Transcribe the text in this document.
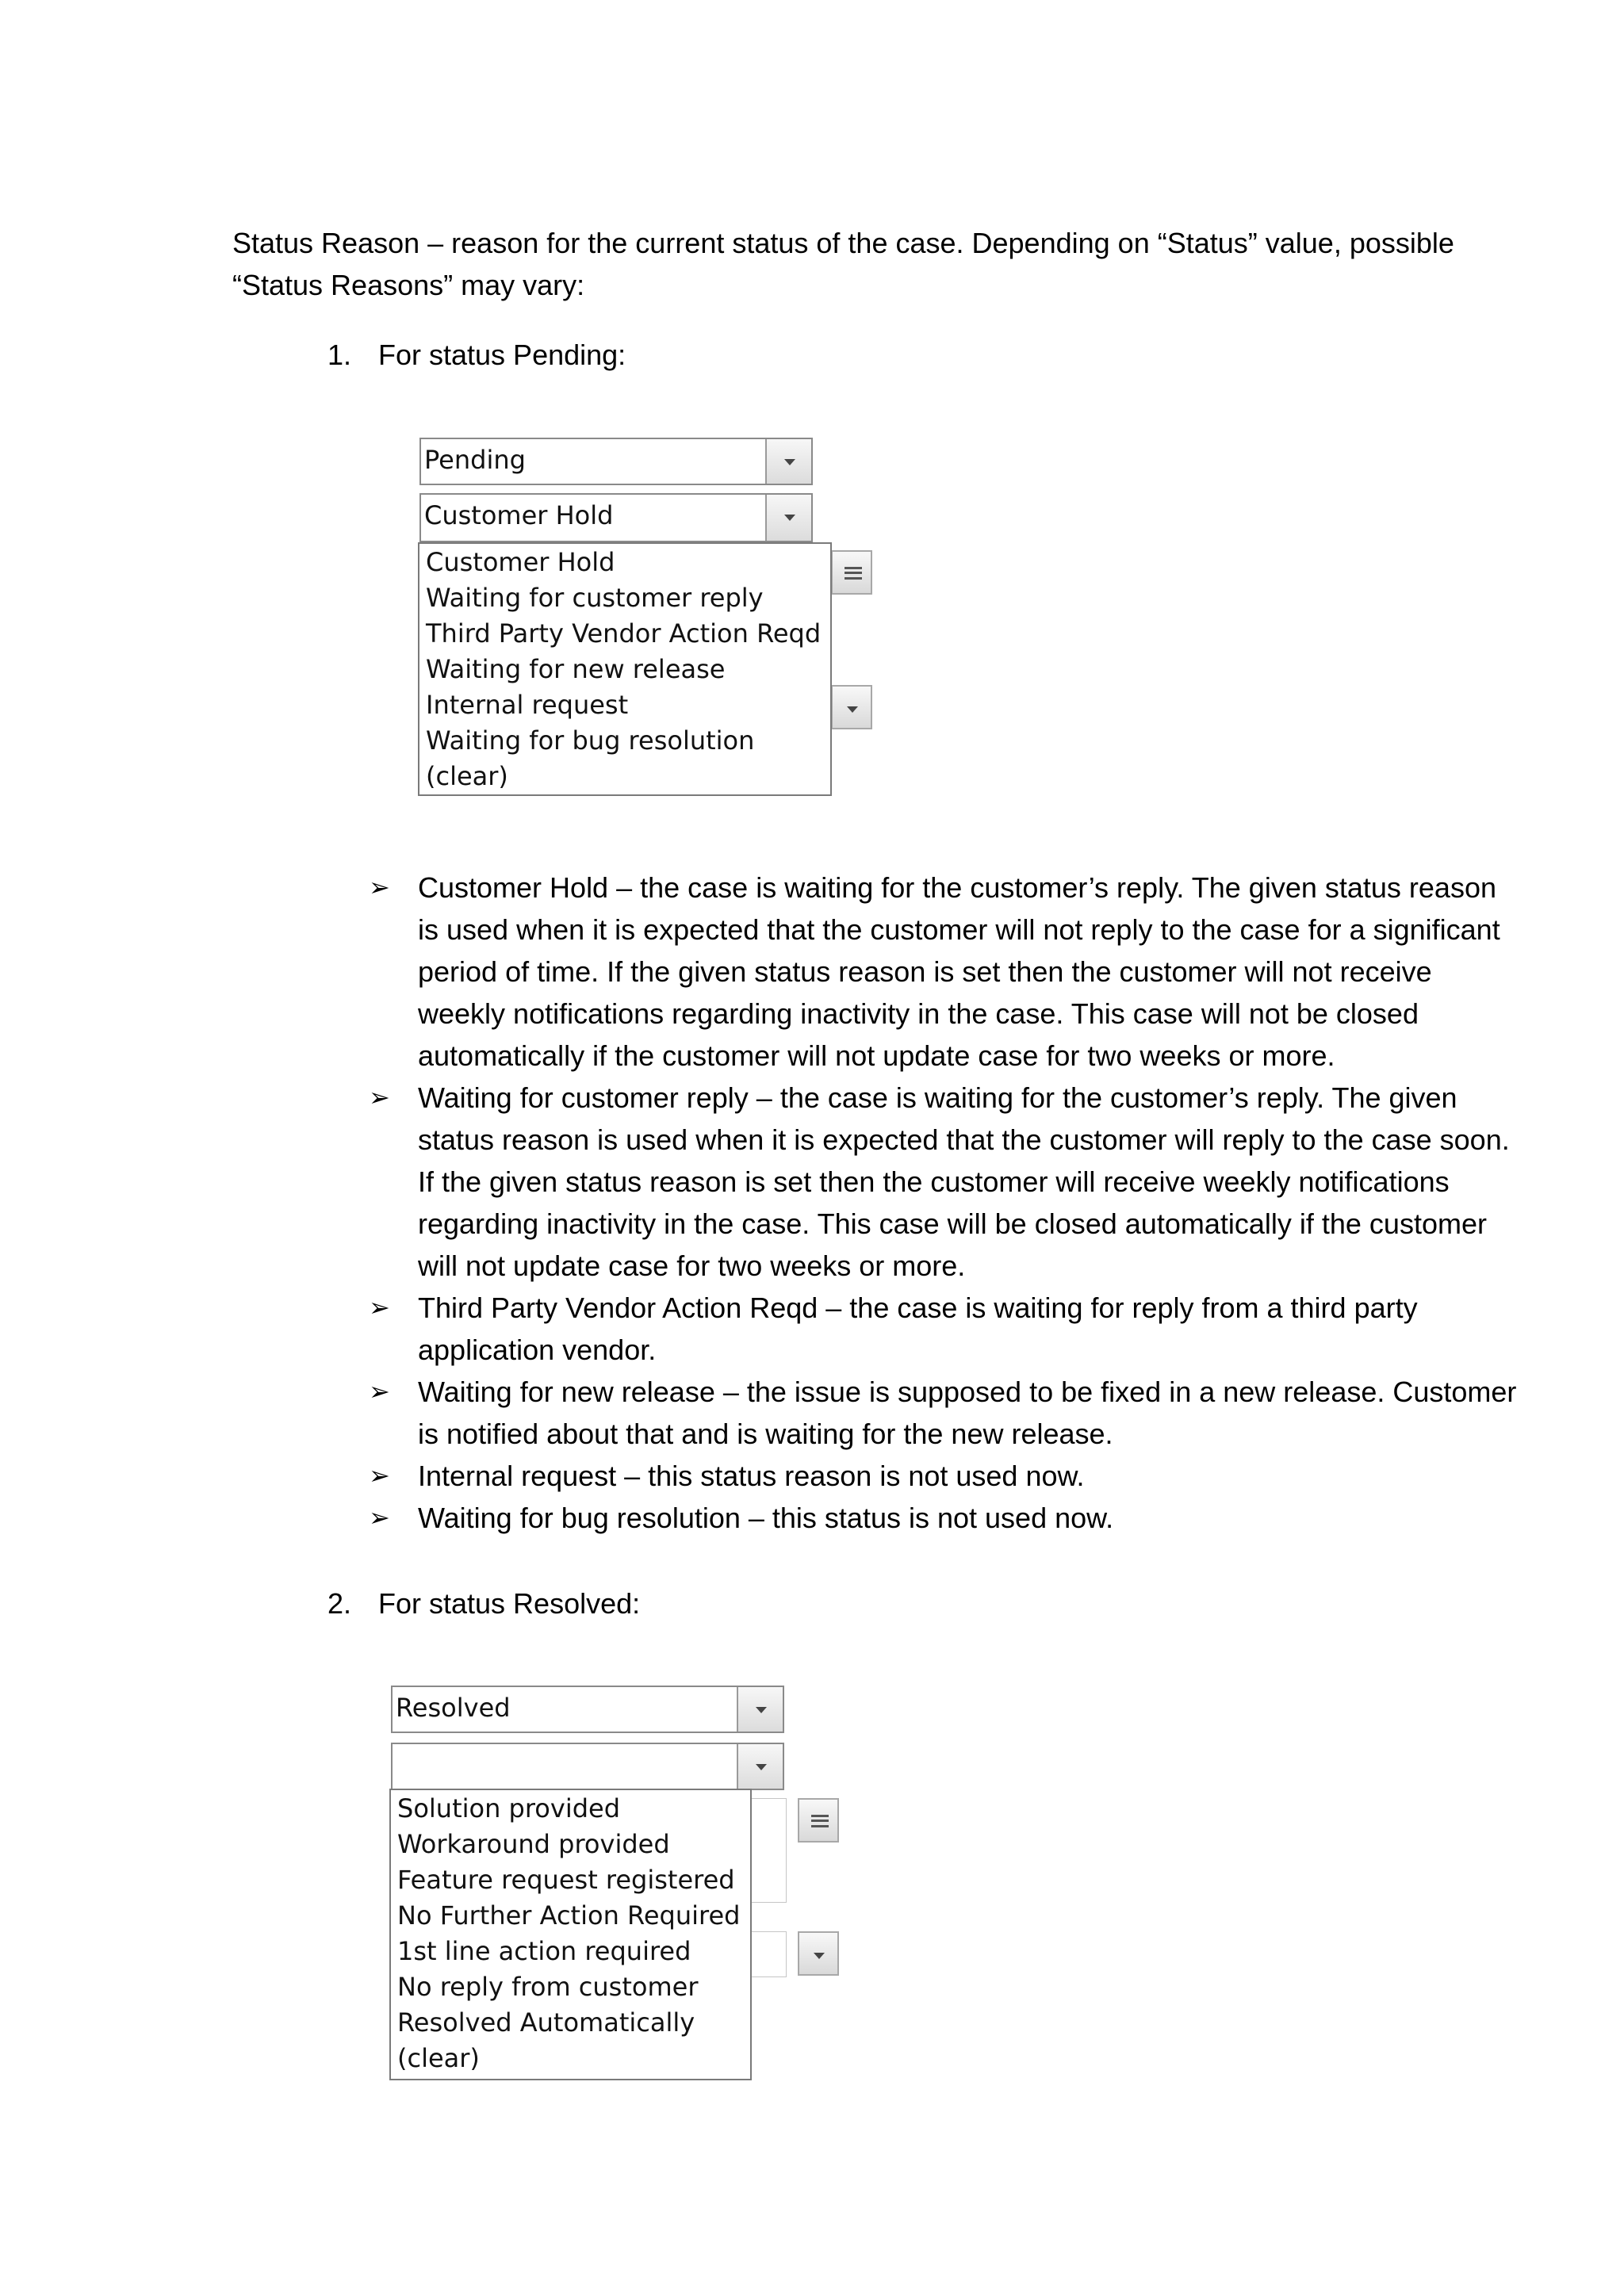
Status Reason – reason for the current status of the case. Depending on “Status” value, possible “Status Reasons” may vary:
1. For status Pending:
Pending
Customer Hold
Customer Hold
Waiting for customer reply
Third Party Vendor Action Reqd
Waiting for new release
Internal request
Waiting for bug resolution
(clear)
➢ Customer Hold – the case is waiting for the customer’s reply. The given status reason is used when it is expected that the customer will not reply to the case for a significant period of time. If the given status reason is set then the customer will not receive weekly notifications regarding inactivity in the case. This case will not be closed automatically if the customer will not update case for two weeks or more.
➢ Waiting for customer reply – the case is waiting for the customer’s reply. The given status reason is used when it is expected that the customer will reply to the case soon. If the given status reason is set then the customer will receive weekly notifications regarding inactivity in the case. This case will be closed automatically if the customer will not update case for two weeks or more.
➢ Third Party Vendor Action Reqd – the case is waiting for reply from a third party application vendor.
➢ Waiting for new release – the issue is supposed to be fixed in a new release. Customer is notified about that and is waiting for the new release.
➢ Internal request – this status reason is not used now.
➢ Waiting for bug resolution – this status is not used now.
2. For status Resolved:
Resolved
Solution provided
Workaround provided
Feature request registered
No Further Action Required
1st line action required
No reply from customer
Resolved Automatically
(clear)
